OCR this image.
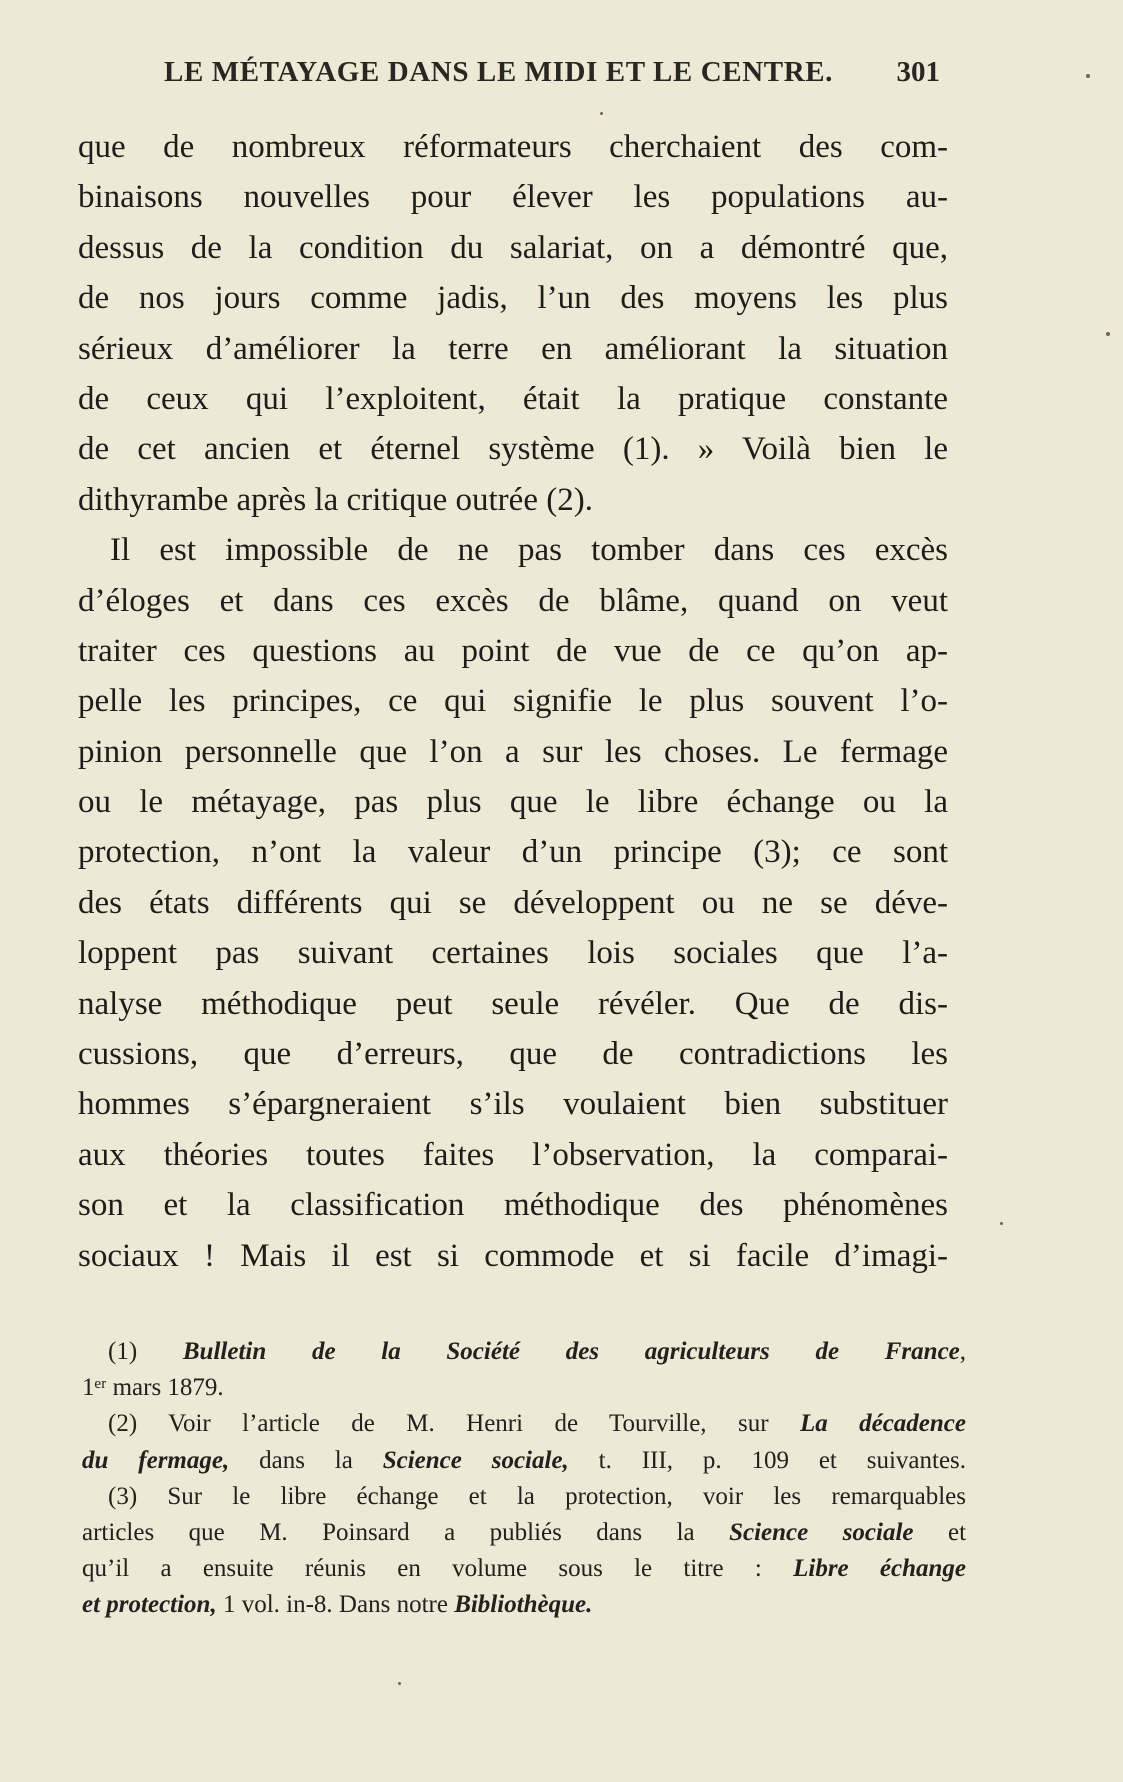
LE MÉTAYAGE DANS LE MIDI ET LE CENTRE. 301
que de nombreux réformateurs cherchaient des com-
binaisons nouvelles pour élever les populations au-
dessus de la condition du salariat, on a démontré que,
de nos jours comme jadis, l’un des moyens les plus
sérieux d’améliorer la terre en améliorant la situation
de ceux qui l’exploitent, était la pratique constante
de cet ancien et éternel système (1). » Voilà bien le
dithyrambe après la critique outrée (2).
Il est impossible de ne pas tomber dans ces excès
d’éloges et dans ces excès de blâme, quand on veut
traiter ces questions au point de vue de ce qu’on ap-
pelle les principes, ce qui signifie le plus souvent l’o-
pinion personnelle que l’on a sur les choses. Le fermage
ou le métayage, pas plus que le libre échange ou la
protection, n’ont la valeur d’un principe (3); ce sont
des états différents qui se développent ou ne se déve-
loppent pas suivant certaines lois sociales que l’a-
nalyse méthodique peut seule révéler. Que de dis-
cussions, que d’erreurs, que de contradictions les
hommes s’épargneraient s’ils voulaient bien substituer
aux théories toutes faites l’observation, la comparai-
son et la classification méthodique des phénomènes
sociaux ! Mais il est si commode et si facile d’imagi-
(1) Bulletin de la Société des agriculteurs de France,
1ᵉʳ mars 1879.
(2) Voir l’article de M. Henri de Tourville, sur La décadence
du fermage, dans la Science sociale, t. III, p. 109 et suivantes.
(3) Sur le libre échange et la protection, voir les remarquables
articles que M. Poinsard a publiés dans la Science sociale et
qu’il a ensuite réunis en volume sous le titre : Libre échange
et protection, 1 vol. in-8. Dans notre Bibliothèque.
